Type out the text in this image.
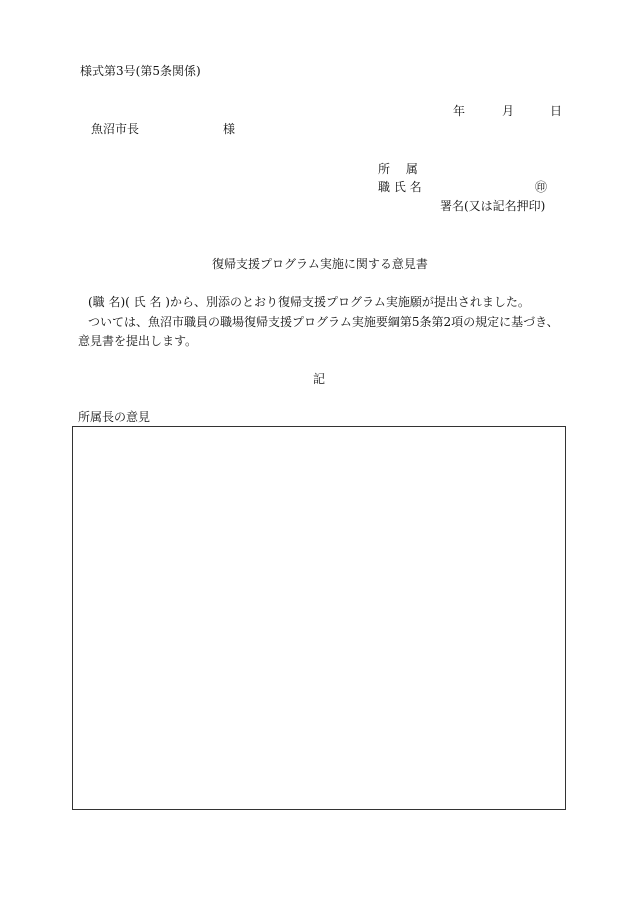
様式第3号(第5条関係)
年	月	日
魚沼市長	様
所　 属
職 氏 名	㊞
署名(又は記名押印)
復帰支援プログラム実施に関する意見書
(職 名)( 氏 名 )から、別添のとおり復帰支援プログラム実施願が提出されました。
ついては、魚沼市職員の職場復帰支援プログラム実施要綱第5条第2項の規定に基づき、
意見書を提出します。
記
所属長の意見
